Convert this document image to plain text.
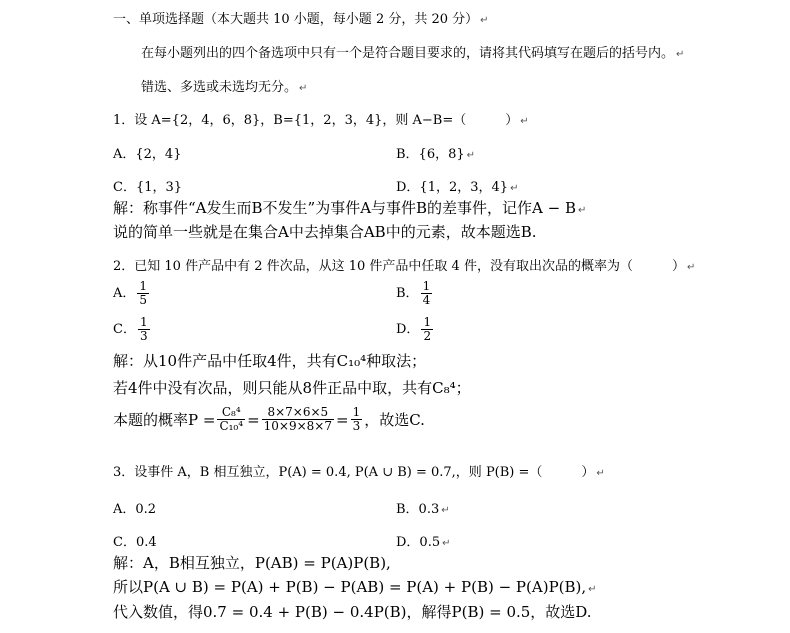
一、单项选择题（本大题共 10 小题，每小题 2 分，共 20 分） ↵
在每小题列出的四个备选项中只有一个是符合题目要求的，请将其代码填写在题后的括号内。 ↵
错选、多选或未选均无分。 ↵
1．设 A={2，4，6，8}，B={1，2，3，4}，则 A−B=（　　　） ↵
A．{2，4}	B．{6，8} ↵
C．{1，3}	D．{1，2，3，4} ↵
解：称事件“A发生而B不发生”为事件A与事件B的差事件，记作A − B ↵
说的简单一些就是在集合A中去掉集合AB中的元素，故本题选B.
2．已知 10 件产品中有 2 件次品，从这 10 件产品中任取 4 件，没有取出次品的概率为（　　　） ↵
A． $\frac{1}{5}$	B． $\frac{1}{4}$
C． $\frac{1}{3}$	D． $\frac{1}{2}$
解：从10件产品中任取4件，共有C₁₀⁴种取法；
若4件中没有次品，则只能从8件正品中取，共有C₈⁴；
本题的概率$P = \frac{\text{C₈⁴}}{\text{C₁₀⁴}} = \frac{8\times 7\times 6\times 5}{10\times 9\times 8\times 7} = \frac{1}{3}$ ，故选C.
3．设事件 A，B 相互独立，P(A) = 0.4, P(A ∪ B) = 0.7,，则 P(B) =（　　　） ↵
A．0.2	B．0.3 ↵
C．0.4	D．0.5 ↵
解：A，B相互独立，P(AB) = P(A)P(B),
所以P(A ∪ B) = P(A) + P(B) − P(AB) = P(A) + P(B) − P(A)P(B), ↵
代入数值，得0.7 = 0.4 + P(B) − 0.4P(B)，解得P(B) = 0.5，故选D.
